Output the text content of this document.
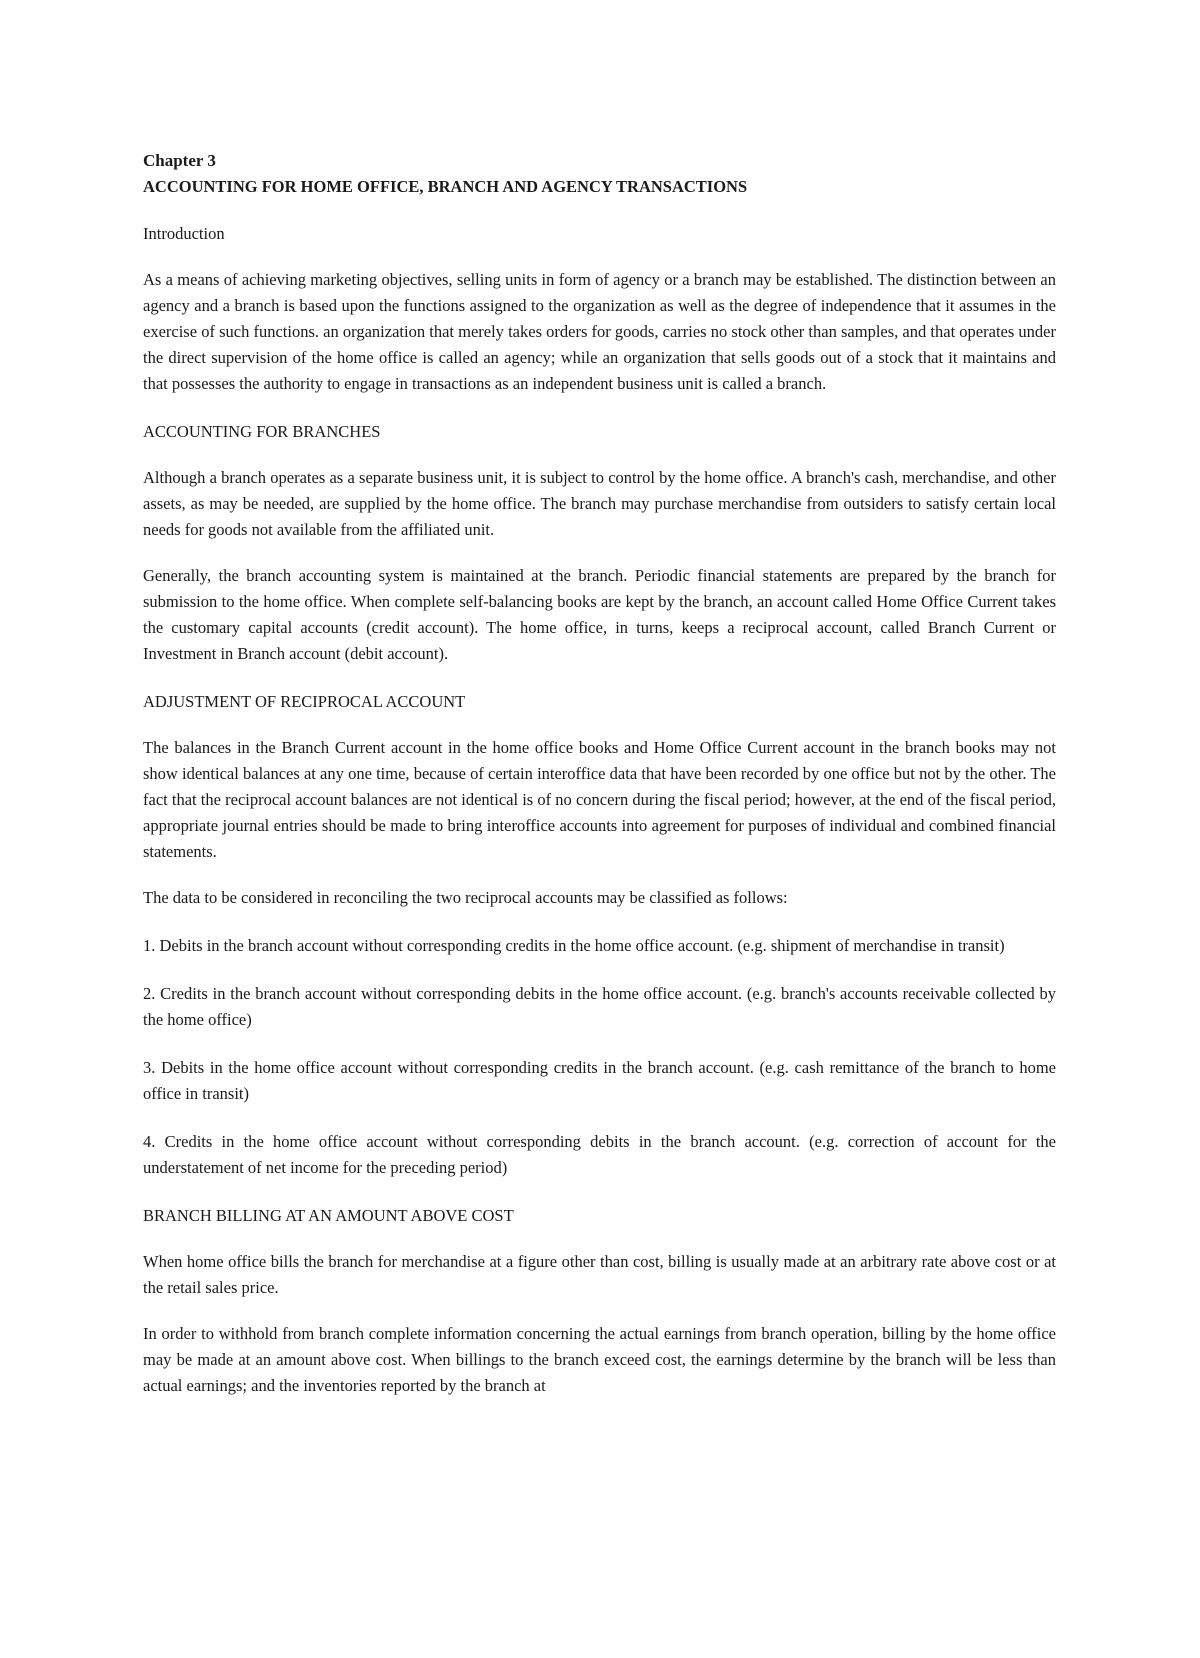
Chapter 3
ACCOUNTING FOR HOME OFFICE, BRANCH AND AGENCY TRANSACTIONS
Introduction

As a means of achieving marketing objectives, selling units in form of agency or a branch may be established. The distinction between an agency and a branch is based upon the functions assigned to the organization as well as the degree of independence that it assumes in the exercise of such functions. an organization that merely takes orders for goods, carries no stock other than samples, and that operates under the direct supervision of the home office is called an agency; while an organization that sells goods out of a stock that it maintains and that possesses the authority to engage in transactions as an independent business unit is called a branch.

ACCOUNTING FOR BRANCHES

Although a branch operates as a separate business unit, it is subject to control by the home office. A branch's cash, merchandise, and other assets, as may be needed, are supplied by the home office. The branch may purchase merchandise from outsiders to satisfy certain local needs for goods not available from the affiliated unit.

Generally, the branch accounting system is maintained at the branch. Periodic financial statements are prepared by the branch for submission to the home office. When complete self-balancing books are kept by the branch, an account called Home Office Current takes the customary capital accounts (credit account). The home office, in turns, keeps a reciprocal account, called Branch Current or Investment in Branch account (debit account).

ADJUSTMENT OF RECIPROCAL ACCOUNT

The balances in the Branch Current account in the home office books and Home Office Current account in the branch books may not show identical balances at any one time, because of certain interoffice data that have been recorded by one office but not by the other. The fact that the reciprocal account balances are not identical is of no concern during the fiscal period; however, at the end of the fiscal period, appropriate journal entries should be made to bring interoffice accounts into agreement for purposes of individual and combined financial statements.

The data to be considered in reconciling the two reciprocal accounts may be classified as follows:

1. Debits in the branch account without corresponding credits in the home office account. (e.g. shipment of merchandise in transit)

2. Credits in the branch account without corresponding debits in the home office account. (e.g. branch's accounts receivable collected by the home office)

3. Debits in the home office account without corresponding credits in the branch account. (e.g. cash remittance of the branch to home office in transit)

4. Credits in the home office account without corresponding debits in the branch account. (e.g. correction of account for the understatement of net income for the preceding period)

BRANCH BILLING AT AN AMOUNT ABOVE COST

When home office bills the branch for merchandise at a figure other than cost, billing is usually made at an arbitrary rate above cost or at the retail sales price.

In order to withhold from branch complete information concerning the actual earnings from branch operation, billing by the home office may be made at an amount above cost. When billings to the branch exceed cost, the earnings determine by the branch will be less than actual earnings; and the inventories reported by the branch at
